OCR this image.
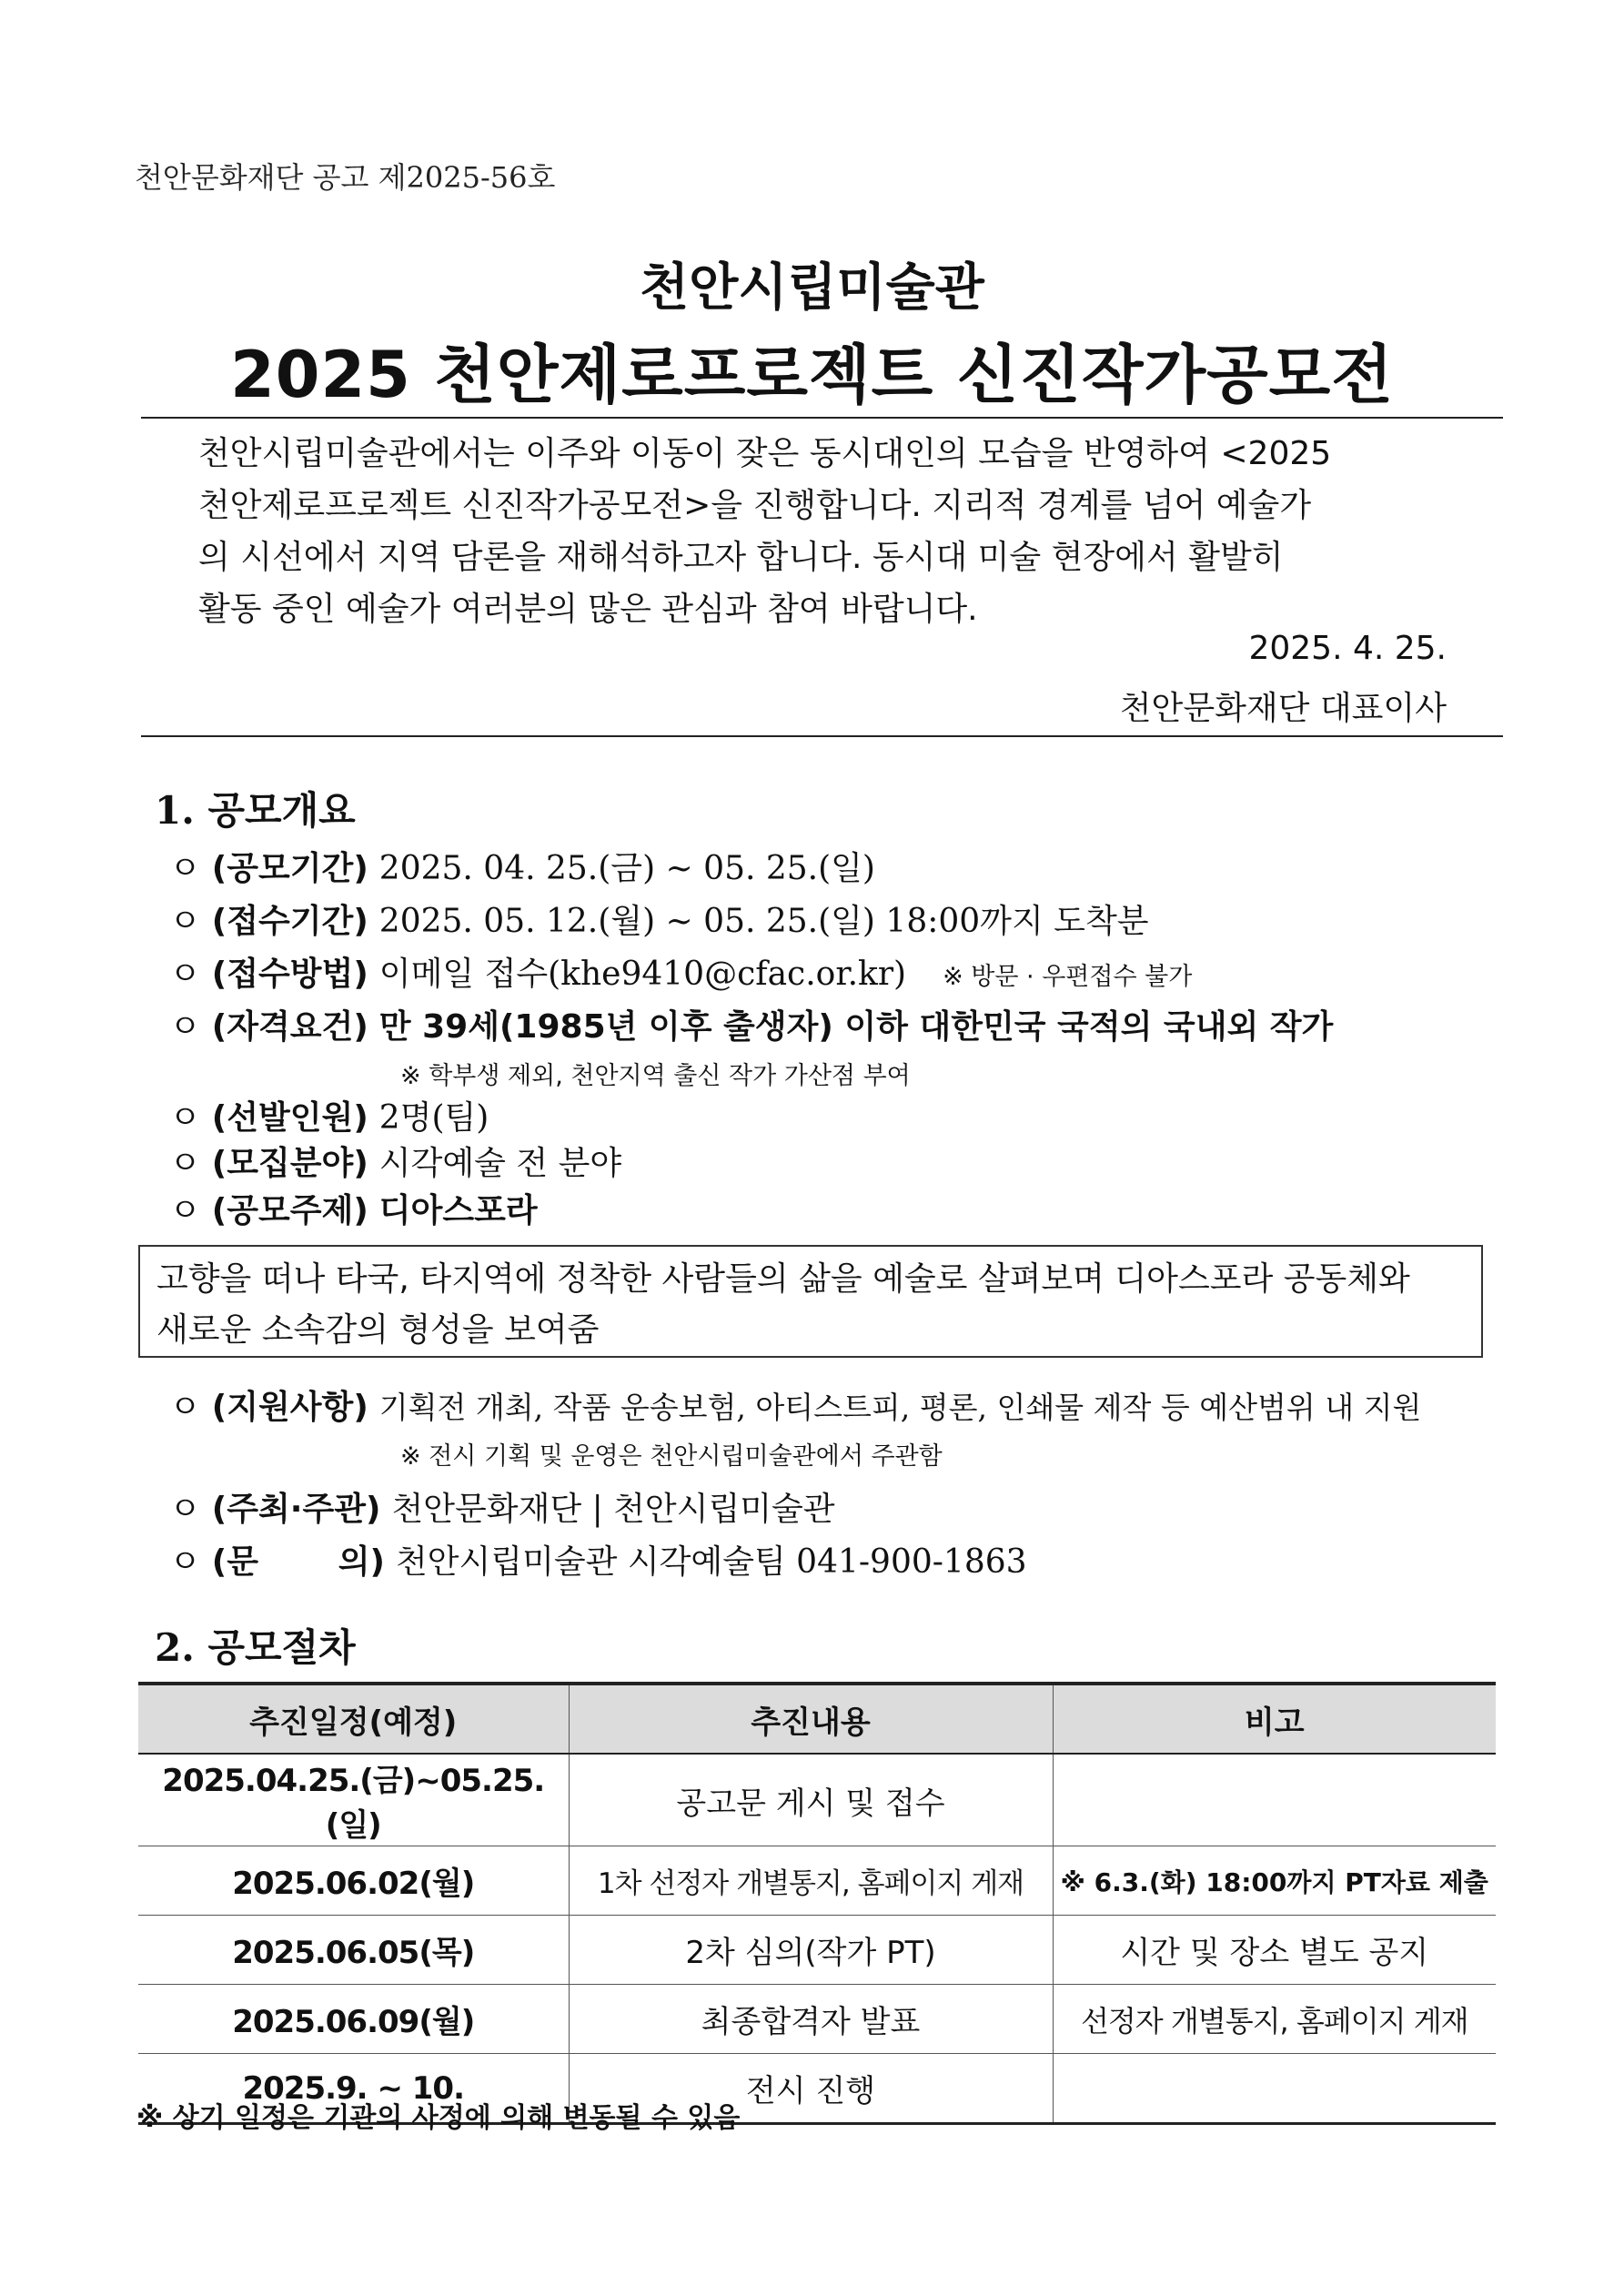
천안문화재단 공고 제2025-56호
천안시립미술관
2025 천안제로프로젝트 신진작가공모전
천안시립미술관에서는 이주와 이동이 잦은 동시대인의 모습을 반영하여 <2025
천안제로프로젝트 신진작가공모전>을 진행합니다. 지리적 경계를 넘어 예술가
의 시선에서 지역 담론을 재해석하고자 합니다. 동시대 미술 현장에서 활발히
활동 중인 예술가 여러분의 많은 관심과 참여 바랍니다.
2025. 4. 25.
천안문화재단 대표이사
1. 공모개요
ㅇ (공모기간) 2025. 04. 25.(금) ~ 05. 25.(일)
ㅇ (접수기간) 2025. 05. 12.(월) ~ 05. 25.(일) 18:00까지 도착분
ㅇ (접수방법) 이메일 접수(khe9410@cfac.or.kr) ※ 방문 · 우편접수 불가
ㅇ (자격요건) 만 39세(1985년 이후 출생자) 이하 대한민국 국적의 국내외 작가
※ 학부생 제외, 천안지역 출신 작가 가산점 부여
ㅇ (선발인원) 2명(팀)
ㅇ (모집분야) 시각예술 전 분야
ㅇ (공모주제) 디아스포라
고향을 떠나 타국, 타지역에 정착한 사람들의 삶을 예술로 살펴보며 디아스포라 공동체와
새로운 소속감의 형성을 보여줌
ㅇ (지원사항) 기획전 개최, 작품 운송보험, 아티스트피, 평론, 인쇄물 제작 등 예산범위 내 지원
※ 전시 기획 및 운영은 천안시립미술관에서 주관함
ㅇ (주최·주관) 천안문화재단 | 천안시립미술관
ㅇ (문       의) 천안시립미술관 시각예술팀 041-900-1863
2. 공모절차
추진일정(예정)	추진내용	비고
2025.04.25.(금)~05.25.(일)	공고문 게시 및 접수	
2025.06.02(월)	1차 선정자 개별통지, 홈페이지 게재	※ 6.3.(화) 18:00까지 PT자료 제출
2025.06.05(목)	2차 심의(작가 PT)	시간 및 장소 별도 공지
2025.06.09(월)	최종합격자 발표	선정자 개별통지, 홈페이지 게재
2025.9. ~ 10.	전시 진행	
※ 상기 일정은 기관의 사정에 의해 변동될 수 있음
